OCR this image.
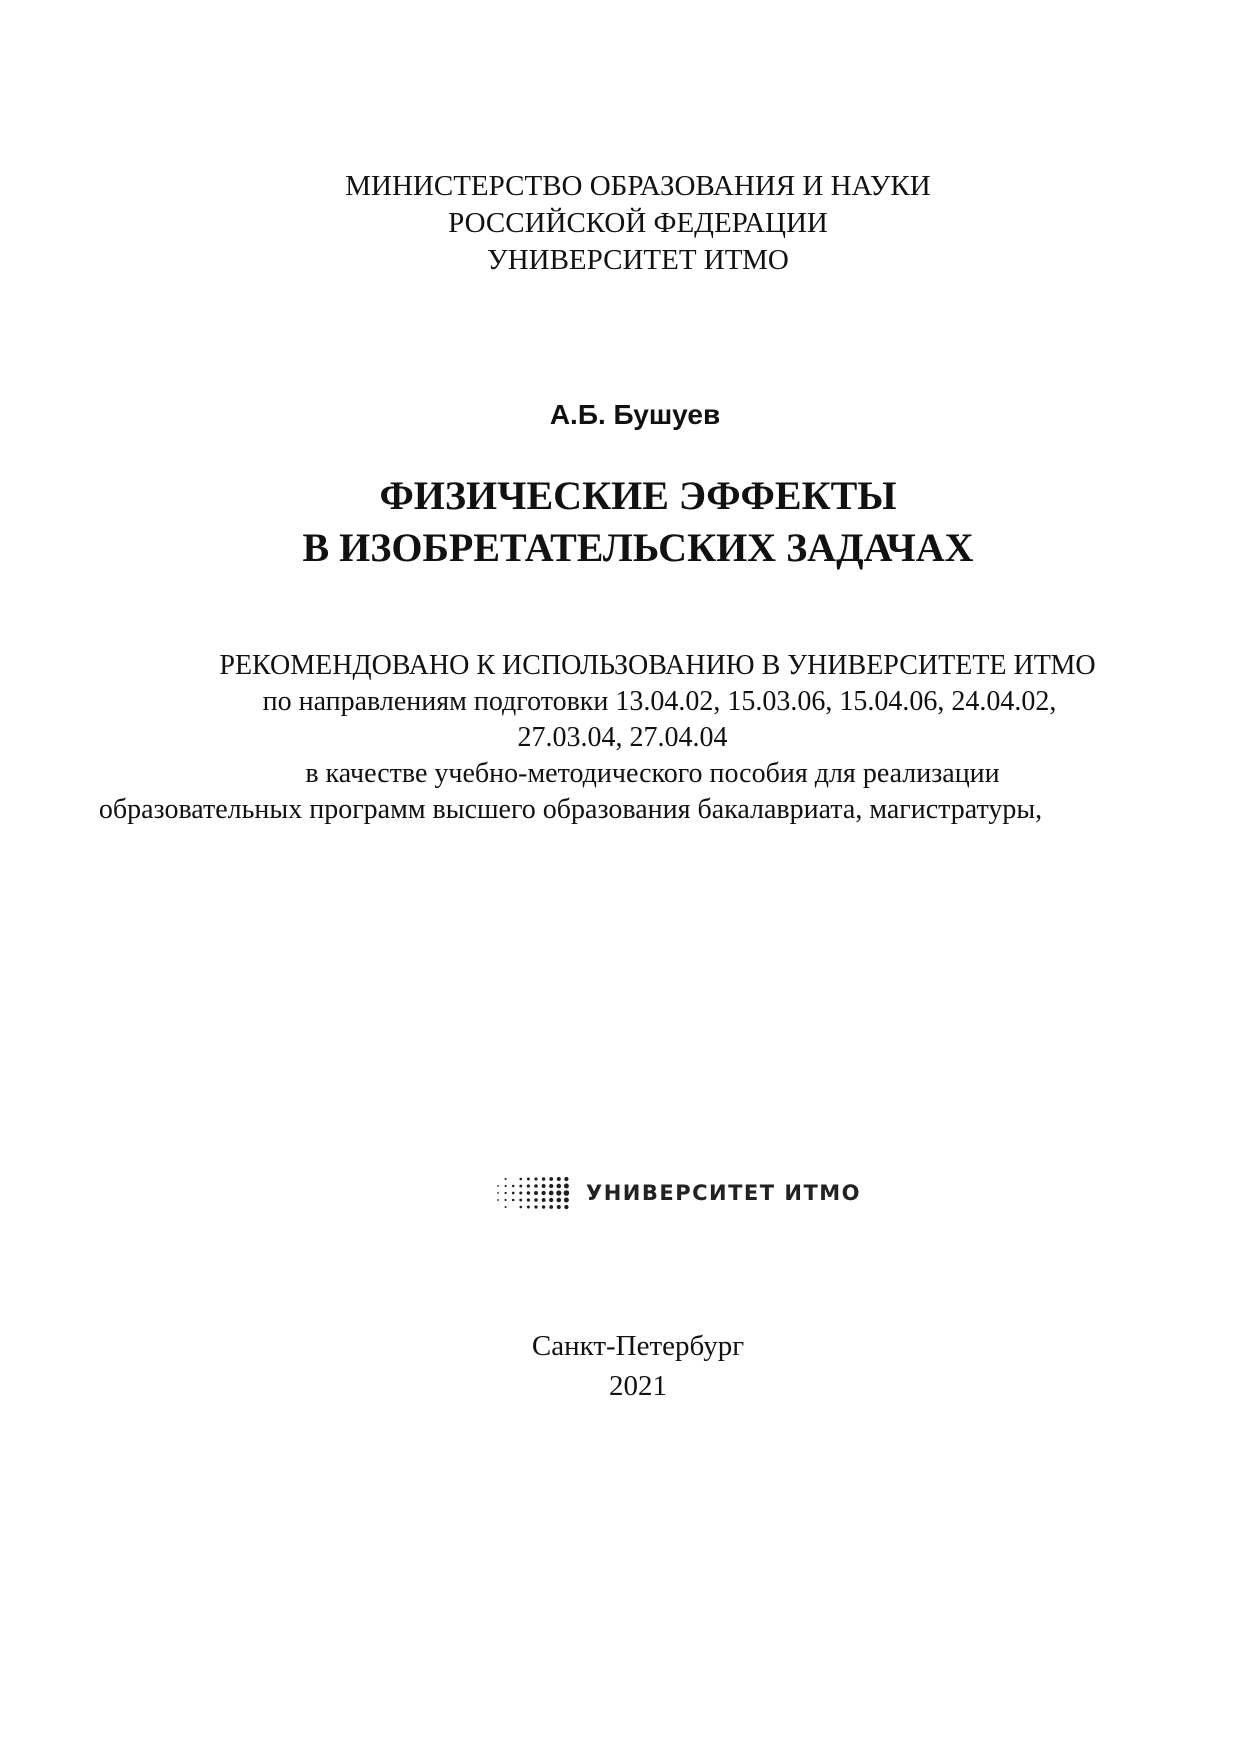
МИНИСТЕРСТВО ОБРАЗОВАНИЯ И НАУКИ
РОССИЙСКОЙ ФЕДЕРАЦИИ
УНИВЕРСИТЕТ ИТМО
А.Б. Бушуев
ФИЗИЧЕСКИЕ ЭФФЕКТЫ
В ИЗОБРЕТАТЕЛЬСКИХ ЗАДАЧАХ
РЕКОМЕНДОВАНО К ИСПОЛЬЗОВАНИЮ В УНИВЕРСИТЕТЕ ИТМО
по направлениям подготовки 13.04.02, 15.03.06, 15.04.06, 24.04.02,
27.03.04, 27.04.04
в качестве учебно-методического пособия для реализации
образовательных программ высшего образования бакалавриата, магистратуры,
УНИВЕРСИТЕТ ИТМО
Санкт-Петербург
2021
